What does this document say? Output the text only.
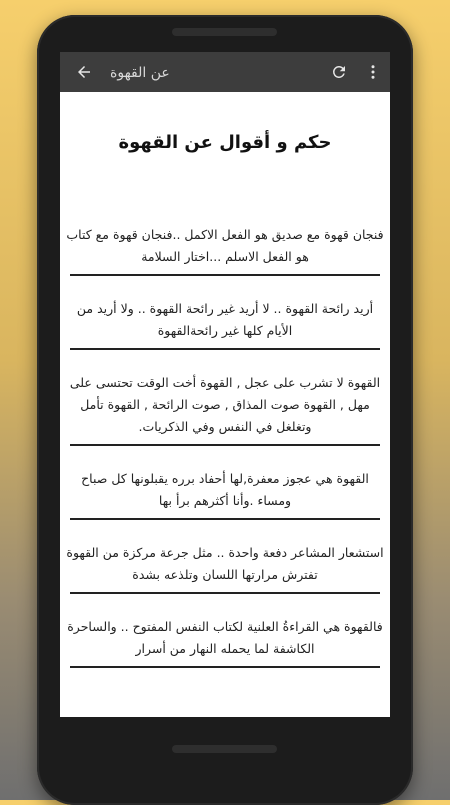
عن القهوة
حكم و أقوال عن القهوة
فنجان قهوة مع صديق هو الفعل الاكمل ..فنجان قهوة مع كتاب هو الفعل الاسلم ...اختار السلامة
أريد رائحة القهوة .. لا أريد غير رائحة القهوة .. ولا أريد من الأيام كلها غير رائحةالقهوة
القهوة لا تشرب على عجل , القهوة أخت الوقت تحتسى على مهل , القهوة صوت المذاق , صوت الرائحة , القهوة تأمل وتغلغل في النفس وفي الذكريات.
القهوة هي عجوز معفرة,لها أحفاد برره يقبلونها كل صباح ومساء .وأنا أكثرهم برأ بها
استشعار المشاعر دفعة واحدة .. مثل جرعة مركزة من القهوة تفترش مرارتها اللسان وتلذعه بشدة
فالقهوة هي القراءةُ العلنية لكتاب النفس المفتوح .. والساحرة الكاشفة لما يحمله النهار من أسرار
